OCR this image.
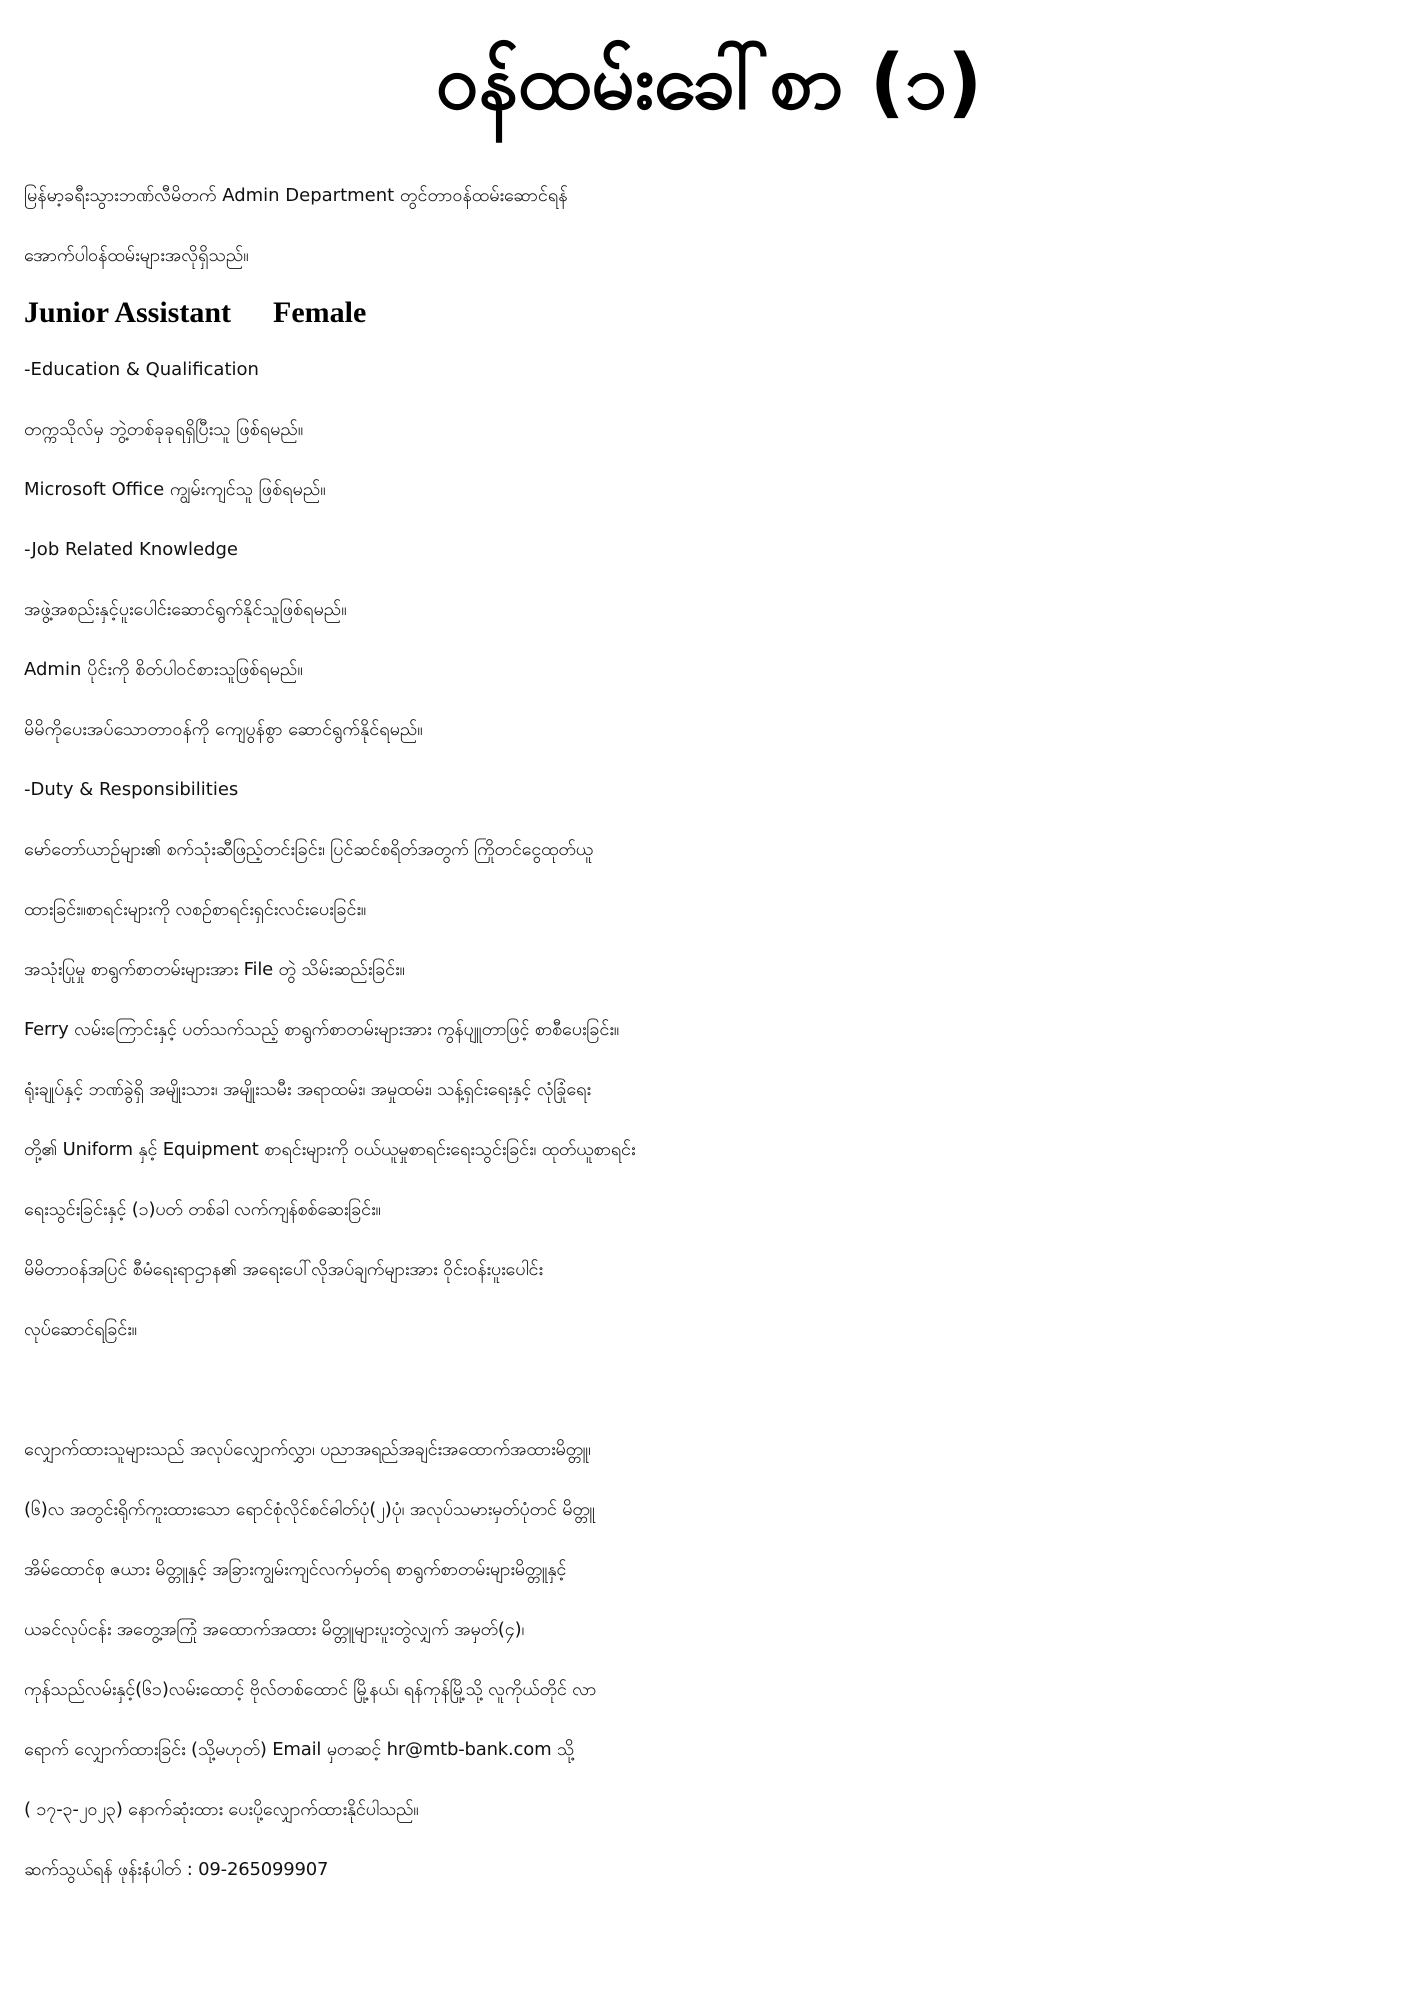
ဝန်ထမ်းခေါ်စာ (၁)
မြန်မာ့ခရီးသွားဘဏ်လီမိတက် Admin Department တွင်တာဝန်ထမ်းဆောင်ရန်
အောက်ပါဝန်ထမ်းများအလိုရှိသည်။
Junior Assistant Female
-Education & Qualification
တက္ကသိုလ်မှ ဘွဲ့တစ်ခုခုရရှိပြီးသူ ဖြစ်ရမည်။
Microsoft Office ကျွမ်းကျင်သူ ဖြစ်ရမည်။
-Job Related Knowledge
အဖွဲ့အစည်းနှင့်ပူးပေါင်းဆောင်ရွက်နိုင်သူဖြစ်ရမည်။
Admin ပိုင်းကို စိတ်ပါဝင်စားသူဖြစ်ရမည်။
မိမိကိုပေးအပ်သောတာဝန်ကို ကျေပွန်စွာ ဆောင်ရွက်နိုင်ရမည်။
-Duty & Responsibilities
မော်တော်ယာဉ်များ၏ စက်သုံးဆီဖြည့်တင်းခြင်း၊ ပြင်ဆင်စရိတ်အတွက် ကြိုတင်ငွေထုတ်ယူ
ထားခြင်း။စာရင်းများကို လစဉ်စာရင်းရှင်းလင်းပေးခြင်း။
အသုံးပြုမှု စာရွက်စာတမ်းများအား File တွဲ သိမ်းဆည်းခြင်း။
Ferry လမ်းကြောင်းနှင့် ပတ်သက်သည့် စာရွက်စာတမ်းများအား ကွန်ပျူတာဖြင့် စာစီပေးခြင်း။
ရုံးချုပ်နှင့် ဘဏ်ခွဲရှိ အမျိုးသား၊ အမျိုးသမီး အရာထမ်း၊ အမှုထမ်း၊ သန့်ရှင်းရေးနှင့် လုံခြုံရေး
တို့၏ Uniform နှင့် Equipment စာရင်းများကို ဝယ်ယူမှုစာရင်းရေးသွင်းခြင်း၊ ထုတ်ယူစာရင်း
ရေးသွင်းခြင်းနှင့် (၁)ပတ် တစ်ခါ လက်ကျန်စစ်ဆေးခြင်း။
မိမိတာဝန်အပြင် စီမံရေးရာဌာန၏ အရေးပေါ်လိုအပ်ချက်များအား ဝိုင်းဝန်းပူးပေါင်း
လုပ်ဆောင်ရခြင်း။
လျှောက်ထားသူများသည် အလုပ်လျှောက်လွှာ၊ ပညာအရည်အချင်းအထောက်အထားမိတ္တူ၊
(၆)လ အတွင်းရိုက်ကူးထားသော ရောင်စုံလိုင်စင်ဓါတ်ပုံ(၂)ပုံ၊ အလုပ်သမားမှတ်ပုံတင် မိတ္တူ
အိမ်ထောင်စု ဇယား မိတ္တူနှင့် အခြားကျွမ်းကျင်လက်မှတ်ရ စာရွက်စာတမ်းများမိတ္တူနှင့်
ယခင်လုပ်ငန်း အတွေ့အကြုံ အထောက်အထား မိတ္တူများပူးတွဲလျှက် အမှတ်(၄)၊
ကုန်သည်လမ်းနှင့်(၆၁)လမ်းထောင့် ဗိုလ်တစ်ထောင် မြို့နယ်၊ ရန်ကုန်မြို့သို့ လူကိုယ်တိုင် လာ
ရောက် လျှောက်ထားခြင်း (သို့မဟုတ်) Email မှတဆင့် hr@mtb-bank.com သို့
( ၁၇-၃-၂၀၂၃) နောက်ဆုံးထား ပေးပို့လျှောက်ထားနိုင်ပါသည်။
ဆက်သွယ်ရန် ဖုန်းနံပါတ် : 09-265099907
